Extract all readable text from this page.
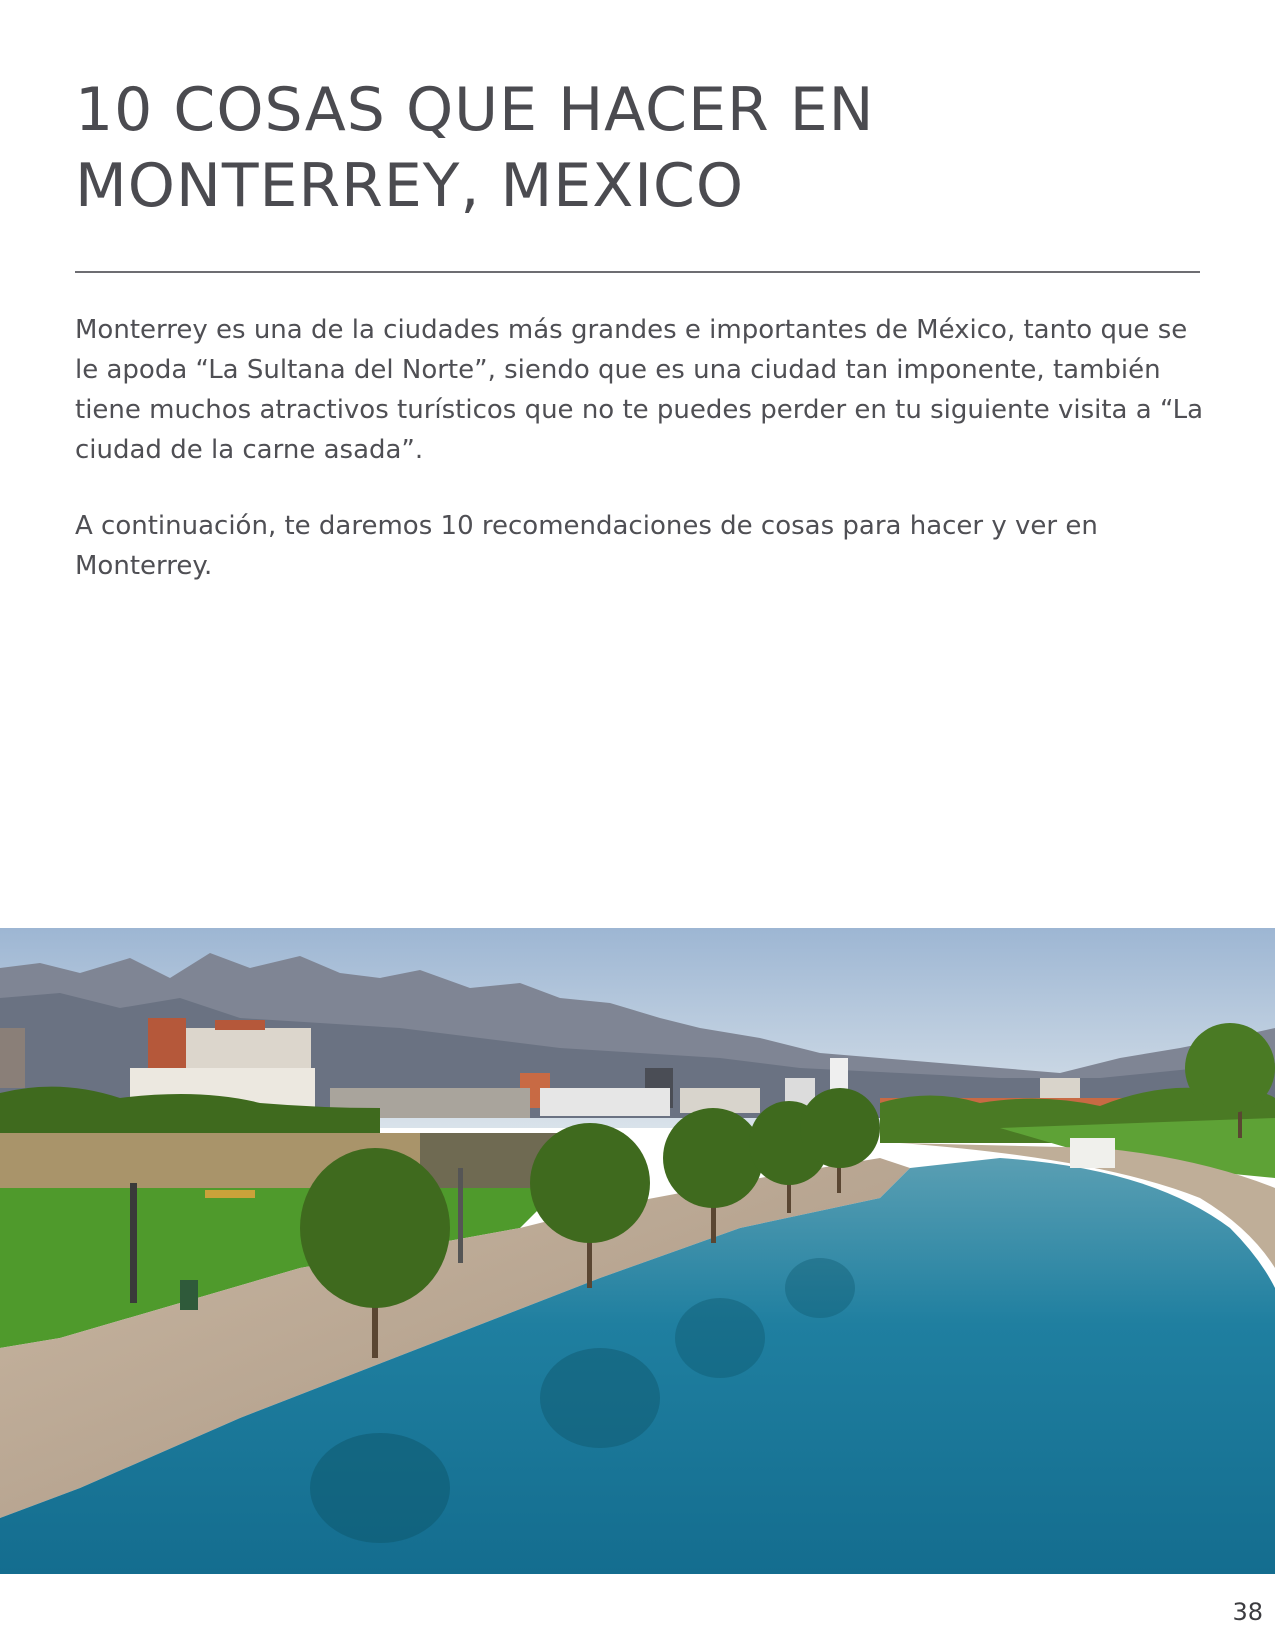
10 COSAS QUE HACER EN
MONTERREY, MEXICO

Monterrey es una de la ciudades más grandes e importantes de México, tanto que se le apoda “La Sultana del Norte”, siendo que es una ciudad tan imponente, también tiene muchos atractivos turísticos que no te puedes perder en tu siguiente visita a “La ciudad de la carne asada”.

A continuación, te daremos 10 recomendaciones de cosas para hacer y ver en Monterrey.

38
